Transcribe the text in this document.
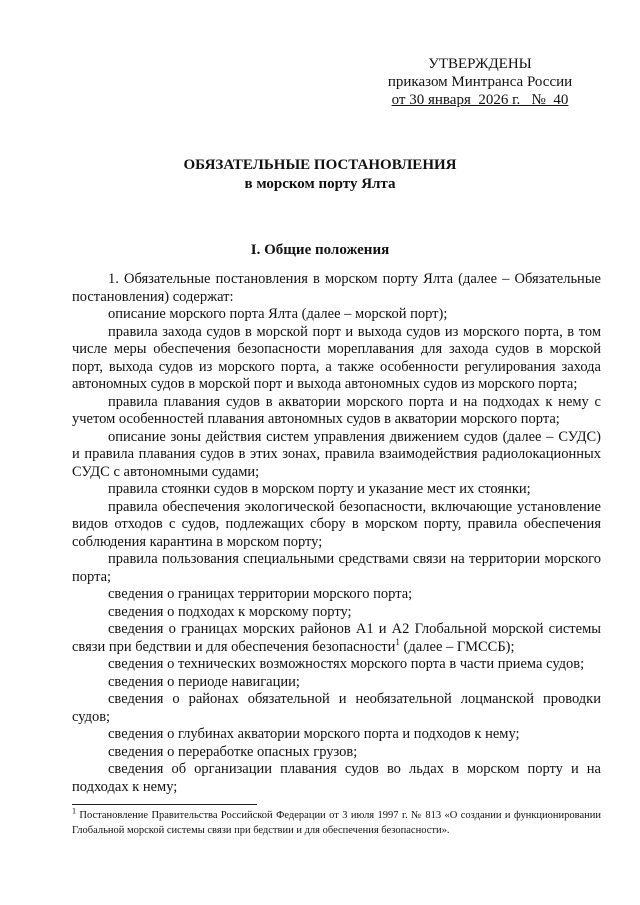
УТВЕРЖДЕНЫ
приказом Минтранса России
от 30 января  2026 г.   №  40
ОБЯЗАТЕЛЬНЫЕ ПОСТАНОВЛЕНИЯ
в морском порту Ялта
I. Общие положения

1. Обязательные постановления в морском порту Ялта (далее – Обязательные постановления) содержат:

описание морского порта Ялта (далее – морской порт);

правила захода судов в морской порт и выхода судов из морского порта, в том числе меры обеспечения безопасности мореплавания для захода судов в морской порт, выхода судов из морского порта, а также особенности регулирования захода автономных судов в морской порт и выхода автономных судов из морского порта;

правила плавания судов в акватории морского порта и на подходах к нему с учетом особенностей плавания автономных судов в акватории морского порта;

описание зоны действия систем управления движением судов (далее – СУДС) и правила плавания судов в этих зонах, правила взаимодействия радиолокационных СУДС с автономными судами;

правила стоянки судов в морском порту и указание мест их стоянки;

правила обеспечения экологической безопасности, включающие установление видов отходов с судов, подлежащих сбору в морском порту, правила обеспечения соблюдения карантина в морском порту;

правила пользования специальными средствами связи на территории морского порта;

сведения о границах территории морского порта;

сведения о подходах к морскому порту;

сведения о границах морских районов А1 и А2 Глобальной морской системы связи при бедствии и для обеспечения безопасности$^1$ (далее – ГМССБ);

сведения о технических возможностях морского порта в части приема судов;

сведения о периоде навигации;

сведения о районах обязательной и необязательной лоцманской проводки судов;

сведения о глубинах акватории морского порта и подходов к нему;

сведения о переработке опасных грузов;

сведения об организации плавания судов во льдах в морском порту и на подходах к нему;

$^1$ Постановление Правительства Российской Федерации от 3 июля 1997 г. № 813 «О создании и функционировании Глобальной морской системы связи при бедствии и для обеспечения безопасности».
